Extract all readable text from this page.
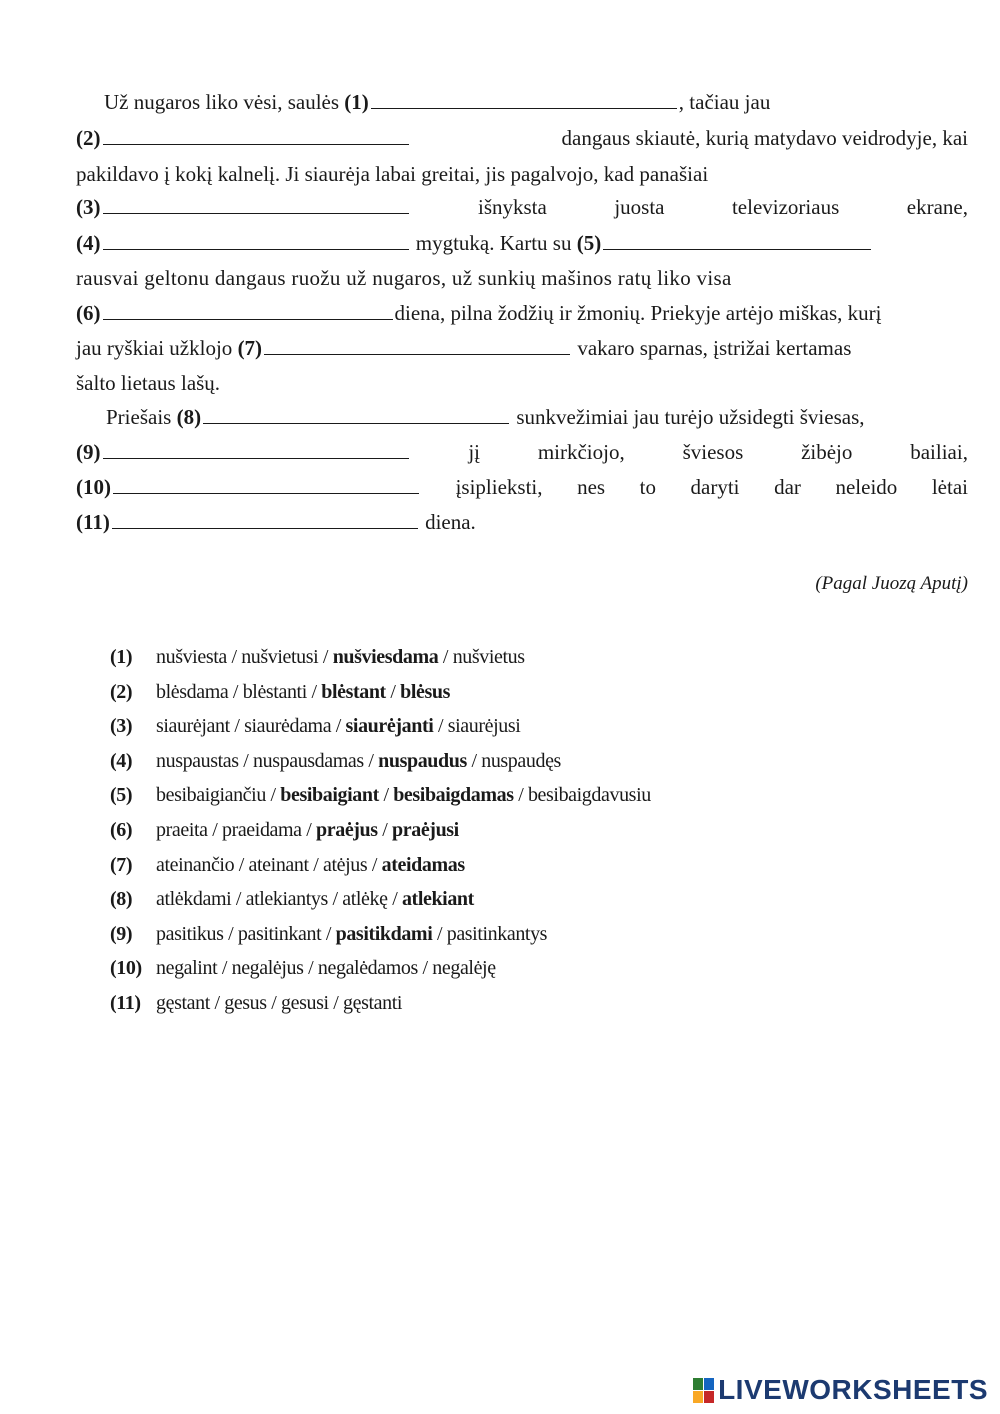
Už nugaros liko vėsi, saulės (1)	, tačiau jau
(2)	dangaus skiautė, kurią matydavo veidrodyje, kai
pakildavo į kokį kalnelį. Ji siaurėja labai greitai, jis pagalvojo, kad panašiai
(3)	išnyksta	juosta	televizoriaus	ekrane,
(4)	mygtuką. Kartu su (5)
rausvai geltonu dangaus ruožu už nugaros, už sunkių mašinos ratų liko visa
(6)	diena, pilna žodžių ir žmonių. Priekyje artėjo miškas, kurį
jau ryškiai užklojo (7)	vakaro sparnas, įstrižai kertamas
šalto lietaus lašų.
Priešais (8)	sunkvežimiai jau turėjo užsidegti šviesas,
(9)	jį	mirkčiojo,	šviesos	žibėjo	bailiai,
(10)	įsiplieksti, nes to daryti dar neleido lėtai
(11)	diena.
(Pagal Juozą Aputį)
(1) nušviesta / nušvietusi / nušviesdama / nušvietus
(2) blėsdama / blėstanti / blėstant / blėsus
(3) siaurėjant / siaurėdama / siaurėjanti / siaurėjusi
(4) nuspaustas / nuspausdamas / nuspaudus / nuspaudęs
(5) besibaigiančiu / besibaigiant / besibaigdamas / besibaigdavusiu
(6) praeita / praeidama / praėjus / praėjusi
(7) ateinančio / ateinant / atėjus / ateidamas
(8) atlėkdami / atlekiantys / atlėkę / atlekiant
(9) pasitikus / pasitinkant / pasitikdami / pasitinkantys
(10) negalint / negalėjus / negalėdamos / negalėję
(11) gęstant / gesus / gesusi / gęstanti
LIVEWORKSHEETS
